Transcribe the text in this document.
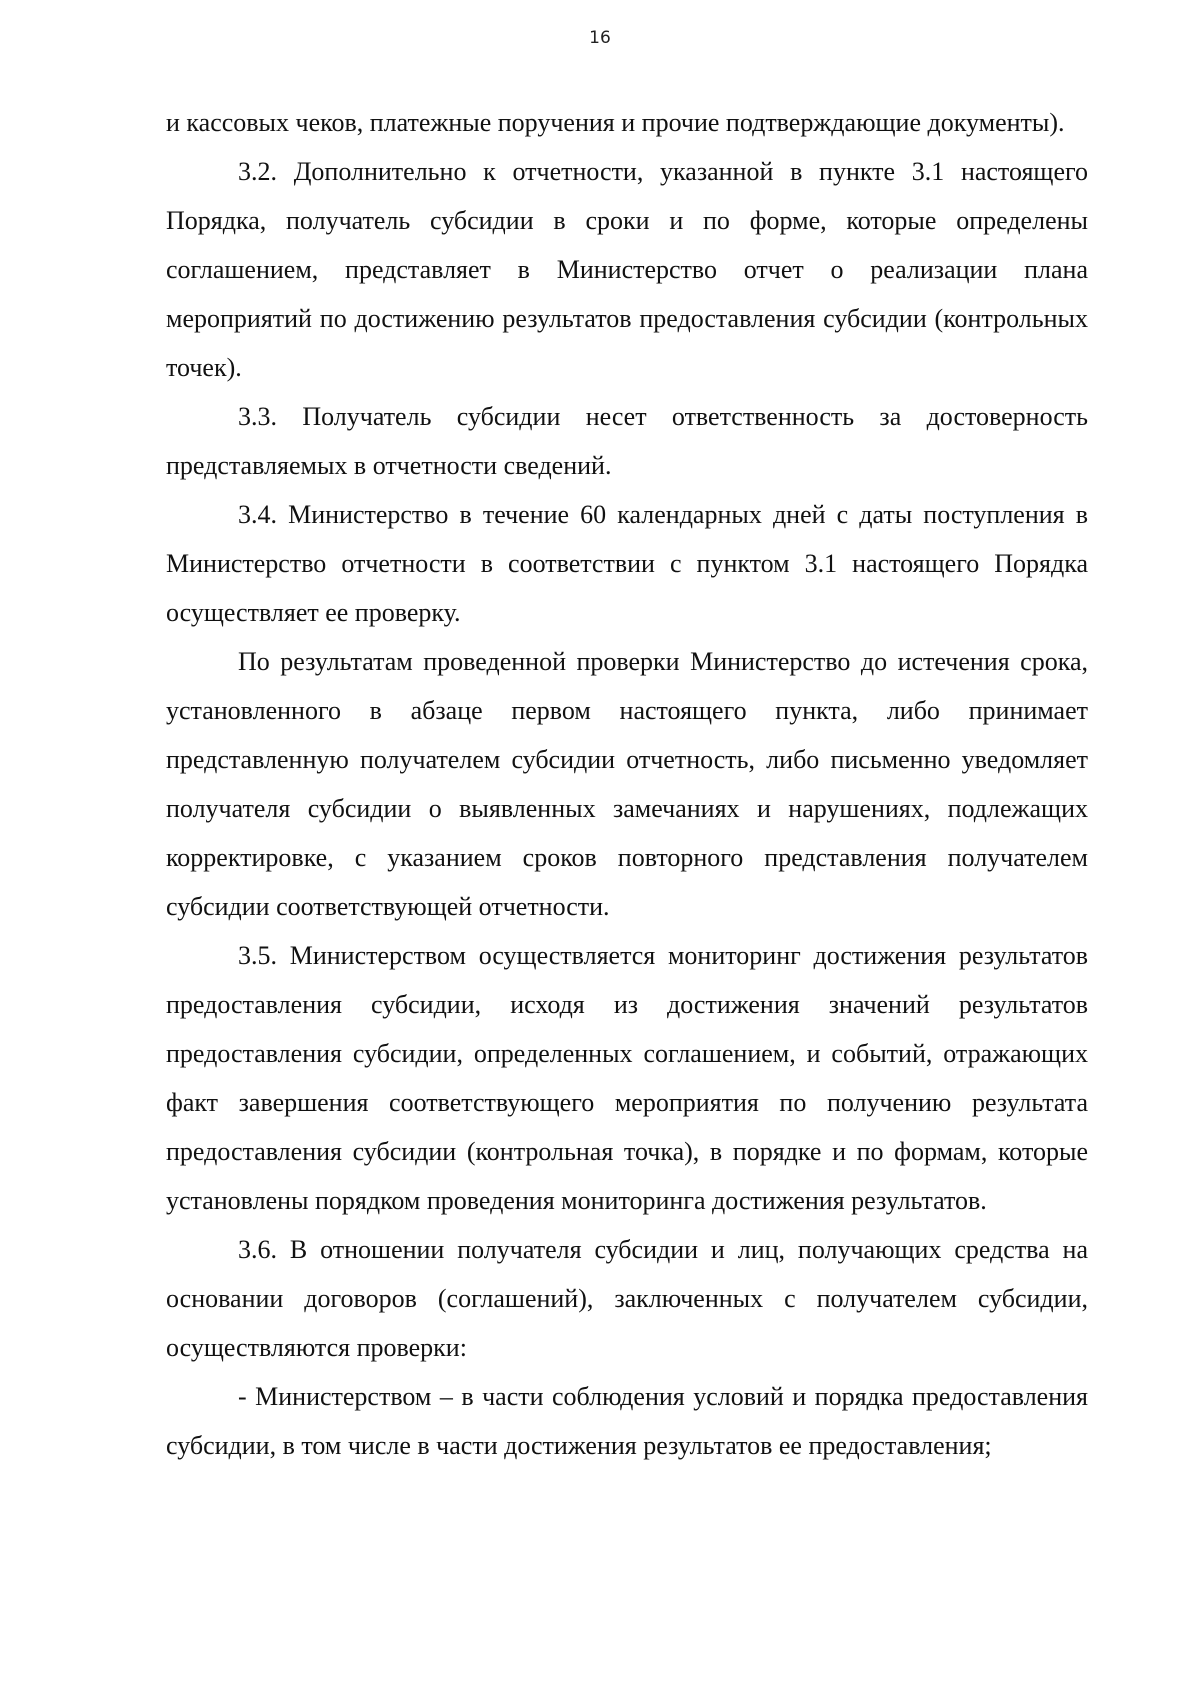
16

и кассовых чеков, платежные поручения и прочие подтверждающие документы).

3.2. Дополнительно к отчетности, указанной в пункте 3.1 настоящего Порядка, получатель субсидии в сроки и по форме, которые определены соглашением, представляет в Министерство отчет о реализации плана мероприятий по достижению результатов предоставления субсидии (контрольных точек).

3.3. Получатель субсидии несет ответственность за достоверность представляемых в отчетности сведений.

3.4. Министерство в течение 60 календарных дней с даты поступления в Министерство отчетности в соответствии с пунктом 3.1 настоящего Порядка осуществляет ее проверку.

По результатам проведенной проверки Министерство до истечения срока, установленного в абзаце первом настоящего пункта, либо принимает представленную получателем субсидии отчетность, либо письменно уведомляет получателя субсидии о выявленных замечаниях и нарушениях, подлежащих корректировке, с указанием сроков повторного представления получателем субсидии соответствующей отчетности.

3.5. Министерством осуществляется мониторинг достижения результатов предоставления субсидии, исходя из достижения значений результатов предоставления субсидии, определенных соглашением, и событий, отражающих факт завершения соответствующего мероприятия по получению результата предоставления субсидии (контрольная точка), в порядке и по формам, которые установлены порядком проведения мониторинга достижения результатов.

3.6. В отношении получателя субсидии и лиц, получающих средства на основании договоров (соглашений), заключенных с получателем субсидии, осуществляются проверки:

- Министерством – в части соблюдения условий и порядка предоставления субсидии, в том числе в части достижения результатов ее предоставления;
